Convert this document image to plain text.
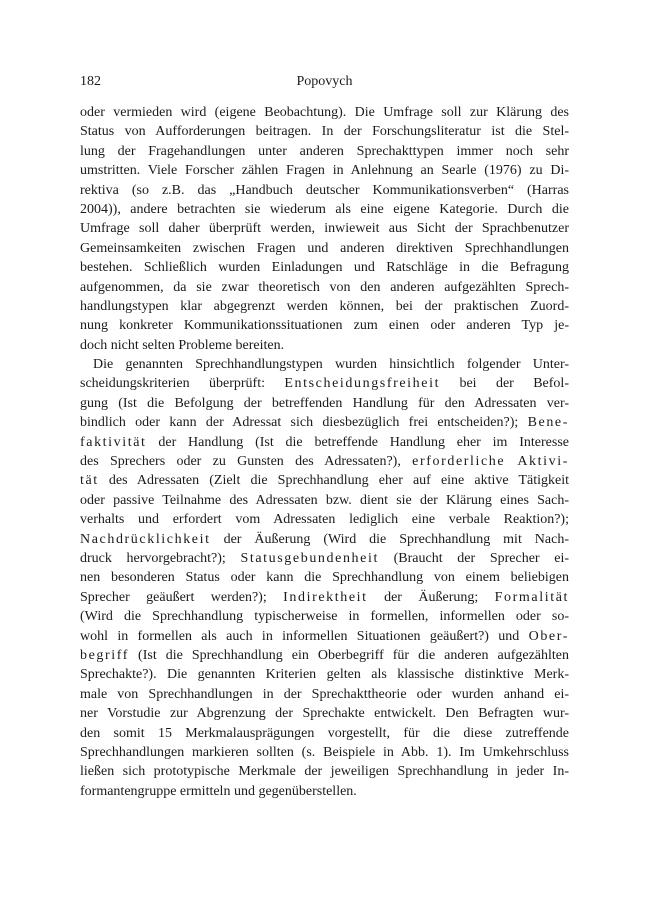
182	Popovych
oder vermieden wird (eigene Beobachtung). Die Umfrage soll zur Klärung des
Status von Aufforderungen beitragen. In der Forschungsliteratur ist die Stel-
lung der Fragehandlungen unter anderen Sprechakttypen immer noch sehr
umstritten. Viele Forscher zählen Fragen in Anlehnung an Searle (1976) zu Di-
rektiva (so z.B. das „Handbuch deutscher Kommunikationsverben“ (Harras
2004)), andere betrachten sie wiederum als eine eigene Kategorie. Durch die
Umfrage soll daher überprüft werden, inwieweit aus Sicht der Sprachbenutzer
Gemeinsamkeiten zwischen Fragen und anderen direktiven Sprechhandlungen
bestehen. Schließlich wurden Einladungen und Ratschläge in die Befragung
aufgenommen, da sie zwar theoretisch von den anderen aufgezählten Sprech-
handlungstypen klar abgegrenzt werden können, bei der praktischen Zuord-
nung konkreter Kommunikationssituationen zum einen oder anderen Typ je-
doch nicht selten Probleme bereiten.
Die genannten Sprechhandlungstypen wurden hinsichtlich folgender Unter-
scheidungskriterien überprüft: Entscheidungsfreiheit bei der Befol-
gung (Ist die Befolgung der betreffenden Handlung für den Adressaten ver-
bindlich oder kann der Adressat sich diesbezüglich frei entscheiden?); Bene-
faktivität der Handlung (Ist die betreffende Handlung eher im Interesse
des Sprechers oder zu Gunsten des Adressaten?), erforderliche Aktivi-
tät des Adressaten (Zielt die Sprechhandlung eher auf eine aktive Tätigkeit
oder passive Teilnahme des Adressaten bzw. dient sie der Klärung eines Sach-
verhalts und erfordert vom Adressaten lediglich eine verbale Reaktion?);
Nachdrücklichkeit der Äußerung (Wird die Sprechhandlung mit Nach-
druck hervorgebracht?); Statusgebundenheit (Braucht der Sprecher ei-
nen besonderen Status oder kann die Sprechhandlung von einem beliebigen
Sprecher geäußert werden?); Indirektheit der Äußerung; Formalität
(Wird die Sprechhandlung typischerweise in formellen, informellen oder so-
wohl in formellen als auch in informellen Situationen geäußert?) und Ober-
begriff (Ist die Sprechhandlung ein Oberbegriff für die anderen aufgezählten
Sprechakte?). Die genannten Kriterien gelten als klassische distinktive Merk-
male von Sprechhandlungen in der Sprechakttheorie oder wurden anhand ei-
ner Vorstudie zur Abgrenzung der Sprechakte entwickelt. Den Befragten wur-
den somit 15 Merkmalausprägungen vorgestellt, für die diese zutreffende
Sprechhandlungen markieren sollten (s. Beispiele in Abb. 1). Im Umkehrschluss
ließen sich prototypische Merkmale der jeweiligen Sprechhandlung in jeder In-
formantengruppe ermitteln und gegenüberstellen.
